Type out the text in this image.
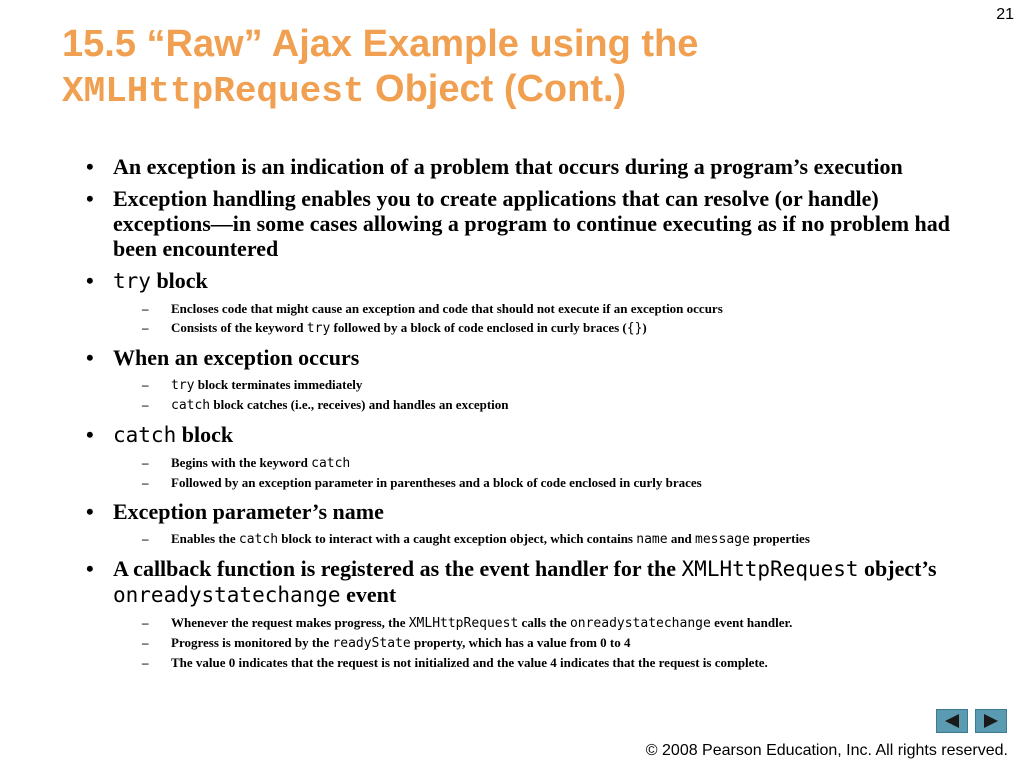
21
15.5 “Raw” Ajax Example using the
XMLHttpRequest Object (Cont.)
• An exception is an indication of a problem that occurs during a program’s execution
• Exception handling enables you to create applications that can resolve (or handle) exceptions—in some cases allowing a program to continue executing as if no problem had been encountered
• try block
– Encloses code that might cause an exception and code that should not execute if an exception occurs
– Consists of the keyword try followed by a block of code enclosed in curly braces ({})
• When an exception occurs
– try block terminates immediately
– catch block catches (i.e., receives) and handles an exception
• catch block
– Begins with the keyword catch
– Followed by an exception parameter in parentheses and a block of code enclosed in curly braces
• Exception parameter’s name
– Enables the catch block to interact with a caught exception object, which contains name and message properties
• A callback function is registered as the event handler for the XMLHttpRequest object’s onreadystatechange event
– Whenever the request makes progress, the XMLHttpRequest calls the onreadystatechange event handler.
– Progress is monitored by the readyState property, which has a value from 0 to 4
– The value 0 indicates that the request is not initialized and the value 4 indicates that the request is complete.
© 2008 Pearson Education, Inc. All rights reserved.
